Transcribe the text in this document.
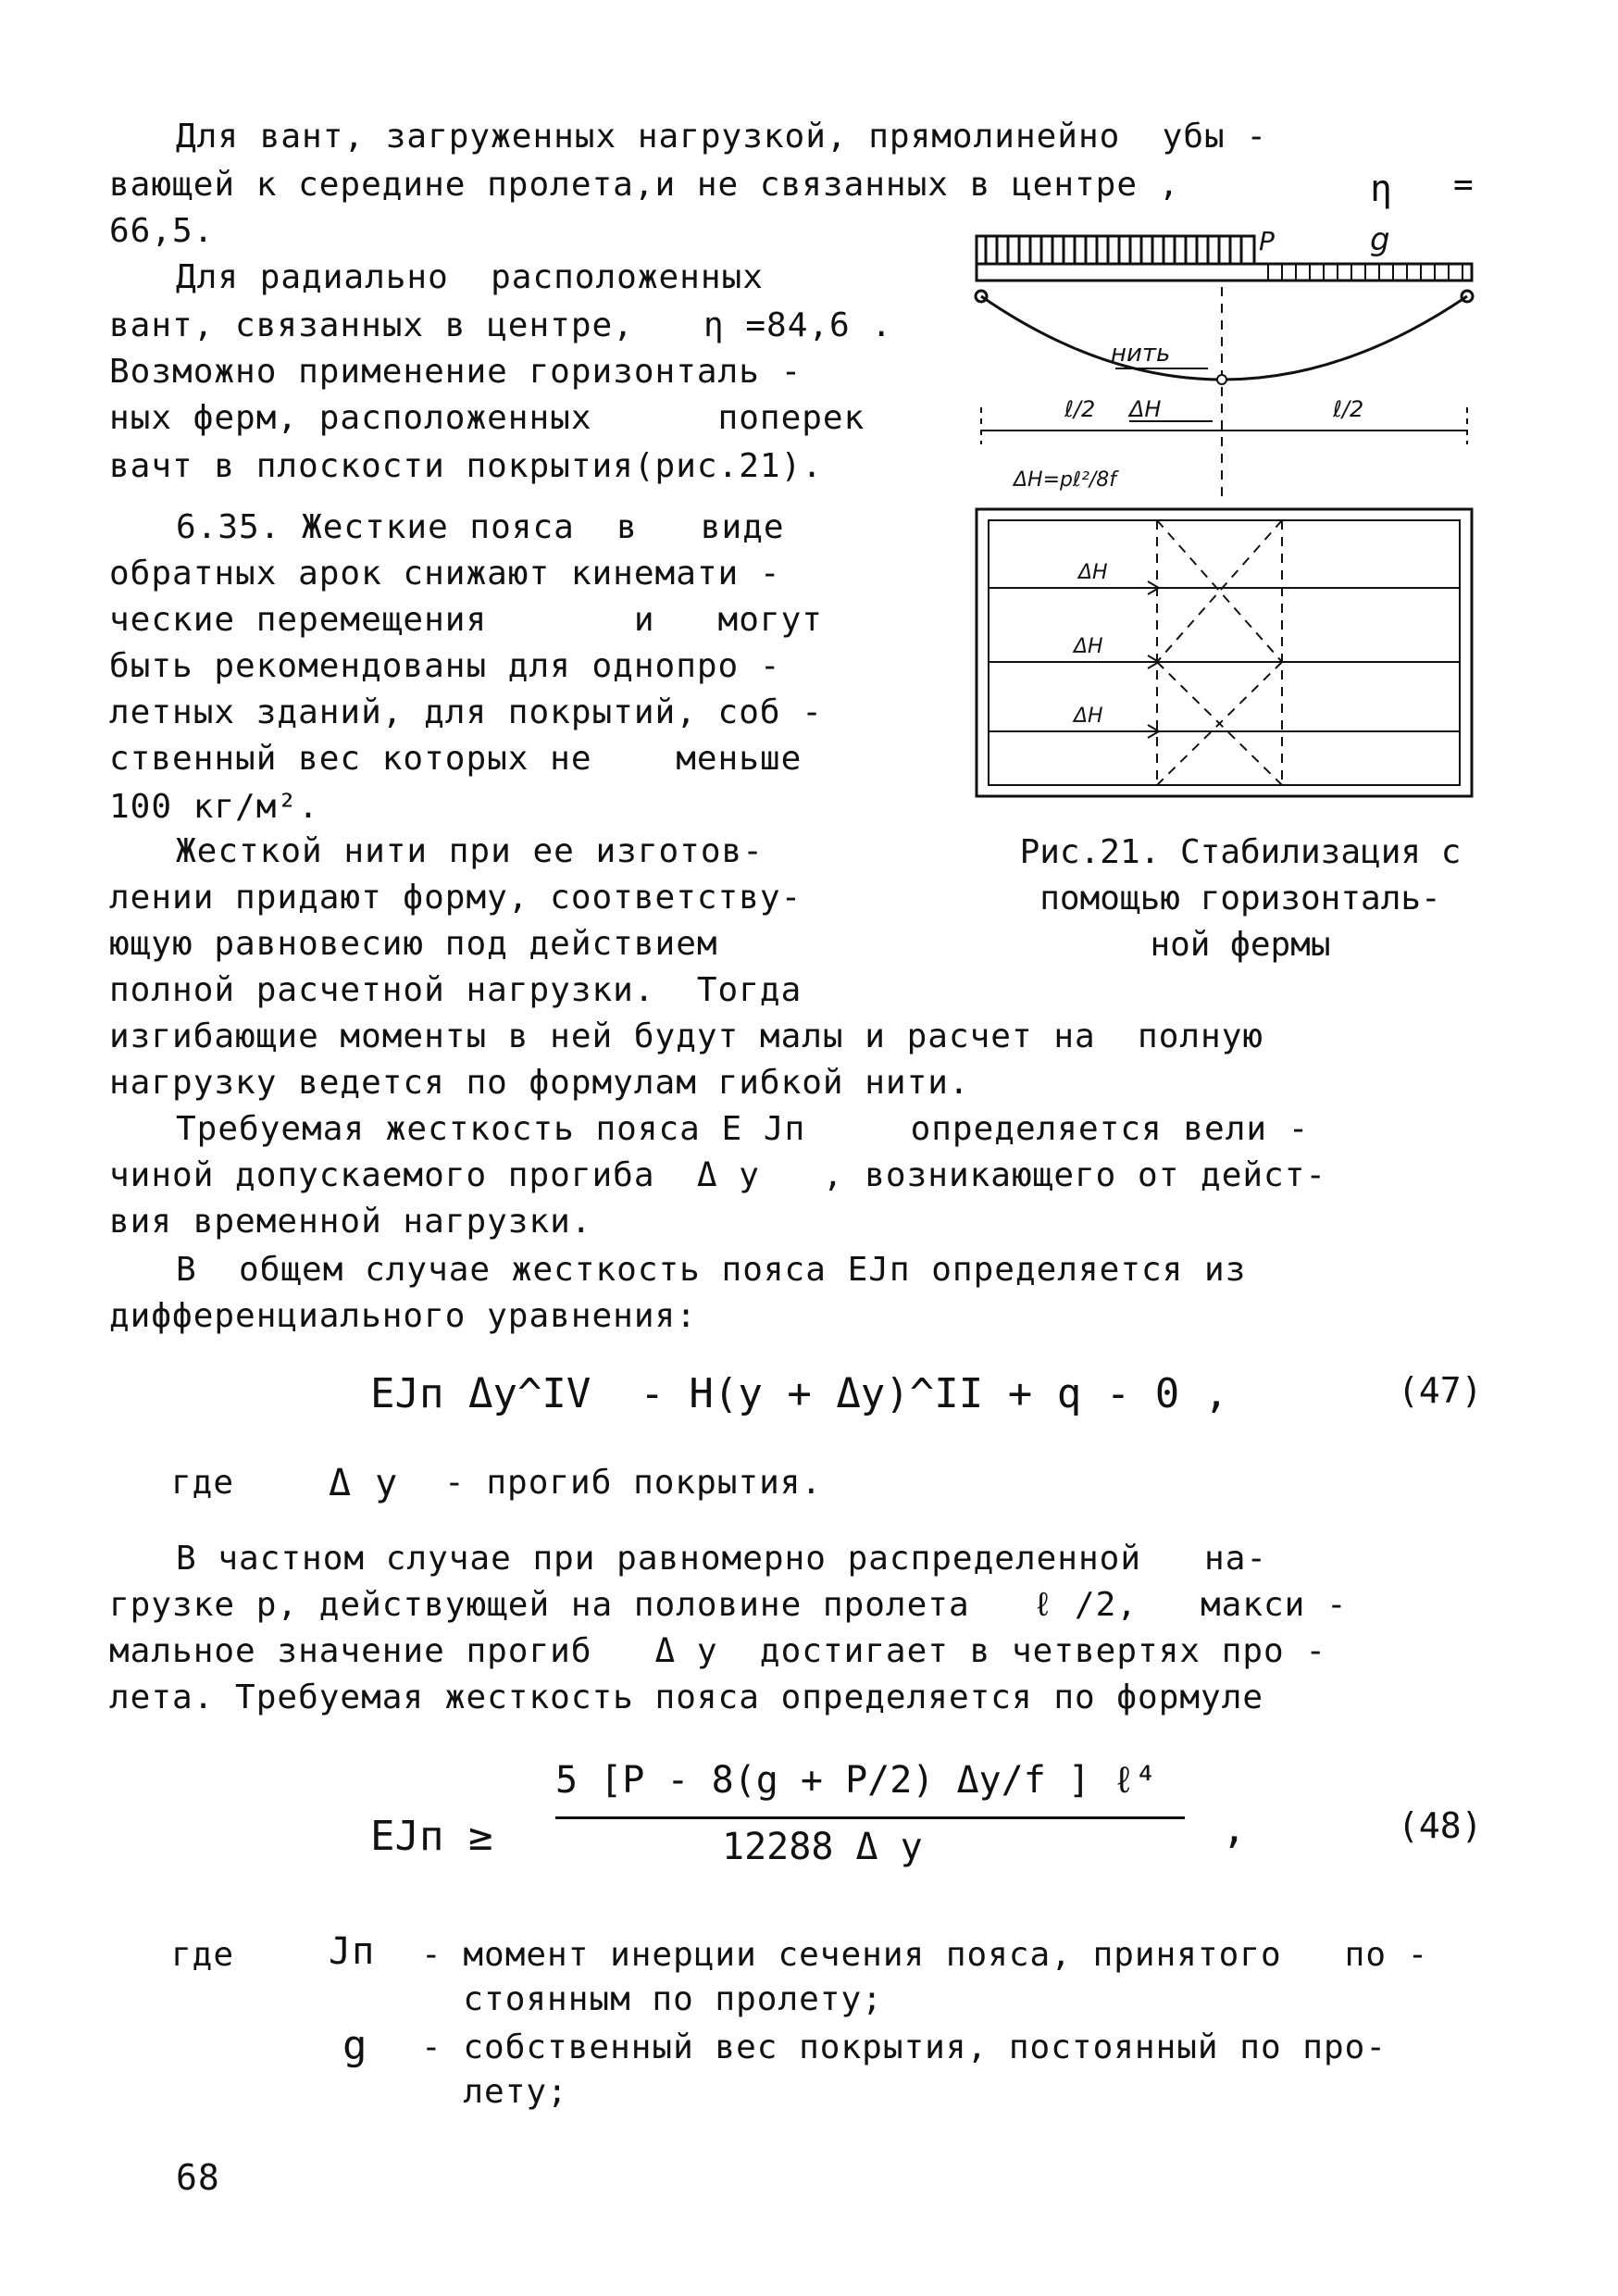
Для вант, загруженных нагрузкой, прямолинейно  убы -
вающей к середине пролета,и не связанных в центре ,	η =
66,5.
Для радиально  расположенных
вант, связанных в центре, η =84,6 .
Возможно применение горизонталь -
ных ферм, расположенных      поперек
вачт в плоскости покрытия(рис.21).
6.35. Жесткие пояса  в   виде
обратных арок снижают кинемати -
ческие перемещения       и   могут
быть рекомендованы для однопро -
летных зданий, для покрытий, соб -
ственный вес которых не    меньше
100 кг/м².
Жесткой нити при ее изготов-
лении придают форму, соответству-
ющую равновесию под действием
полной расчетной нагрузки.  Тогда
изгибающие моменты в ней будут малы и расчет на  полную
нагрузку ведется по формулам гибкой нити.
Требуемая жесткость пояса E Jп     определяется вели -
чиной допускаемого прогиба  Δ y   , возникающего от дейст-
вия временной нагрузки.
В  общем случае жесткость пояса EJп определяется из
дифференциального уравнения:
EJп Δy^IV  - H(y + Δy)^II + q - 0 ,	(47)
где	Δ y - прогиб покрытия.
В частном случае при равномерно распределенной   на-
грузке р, действующей на половине пролета   ℓ /2,   макси -
мальное значение прогиб   Δ y  достигает в четвертях про -
лета. Требуемая жесткость пояса определяется по формуле
EJп ≥
5 [P - 8(g + P/2) Δy/f ] ℓ⁴
12288 Δ y	,	(48)
где	Jп - момент инерции сечения пояса, принятого   по -
стоянным по пролету;
g - собственный вес покрытия, постоянный по про-
лету;
68
P	g
нить
ℓ/2 ΔH	ℓ/2
ΔH=pℓ²/8f
ΔH
ΔH
ΔH
Рис.21. Стабилизация с
помощью горизонталь-
ной фермы
